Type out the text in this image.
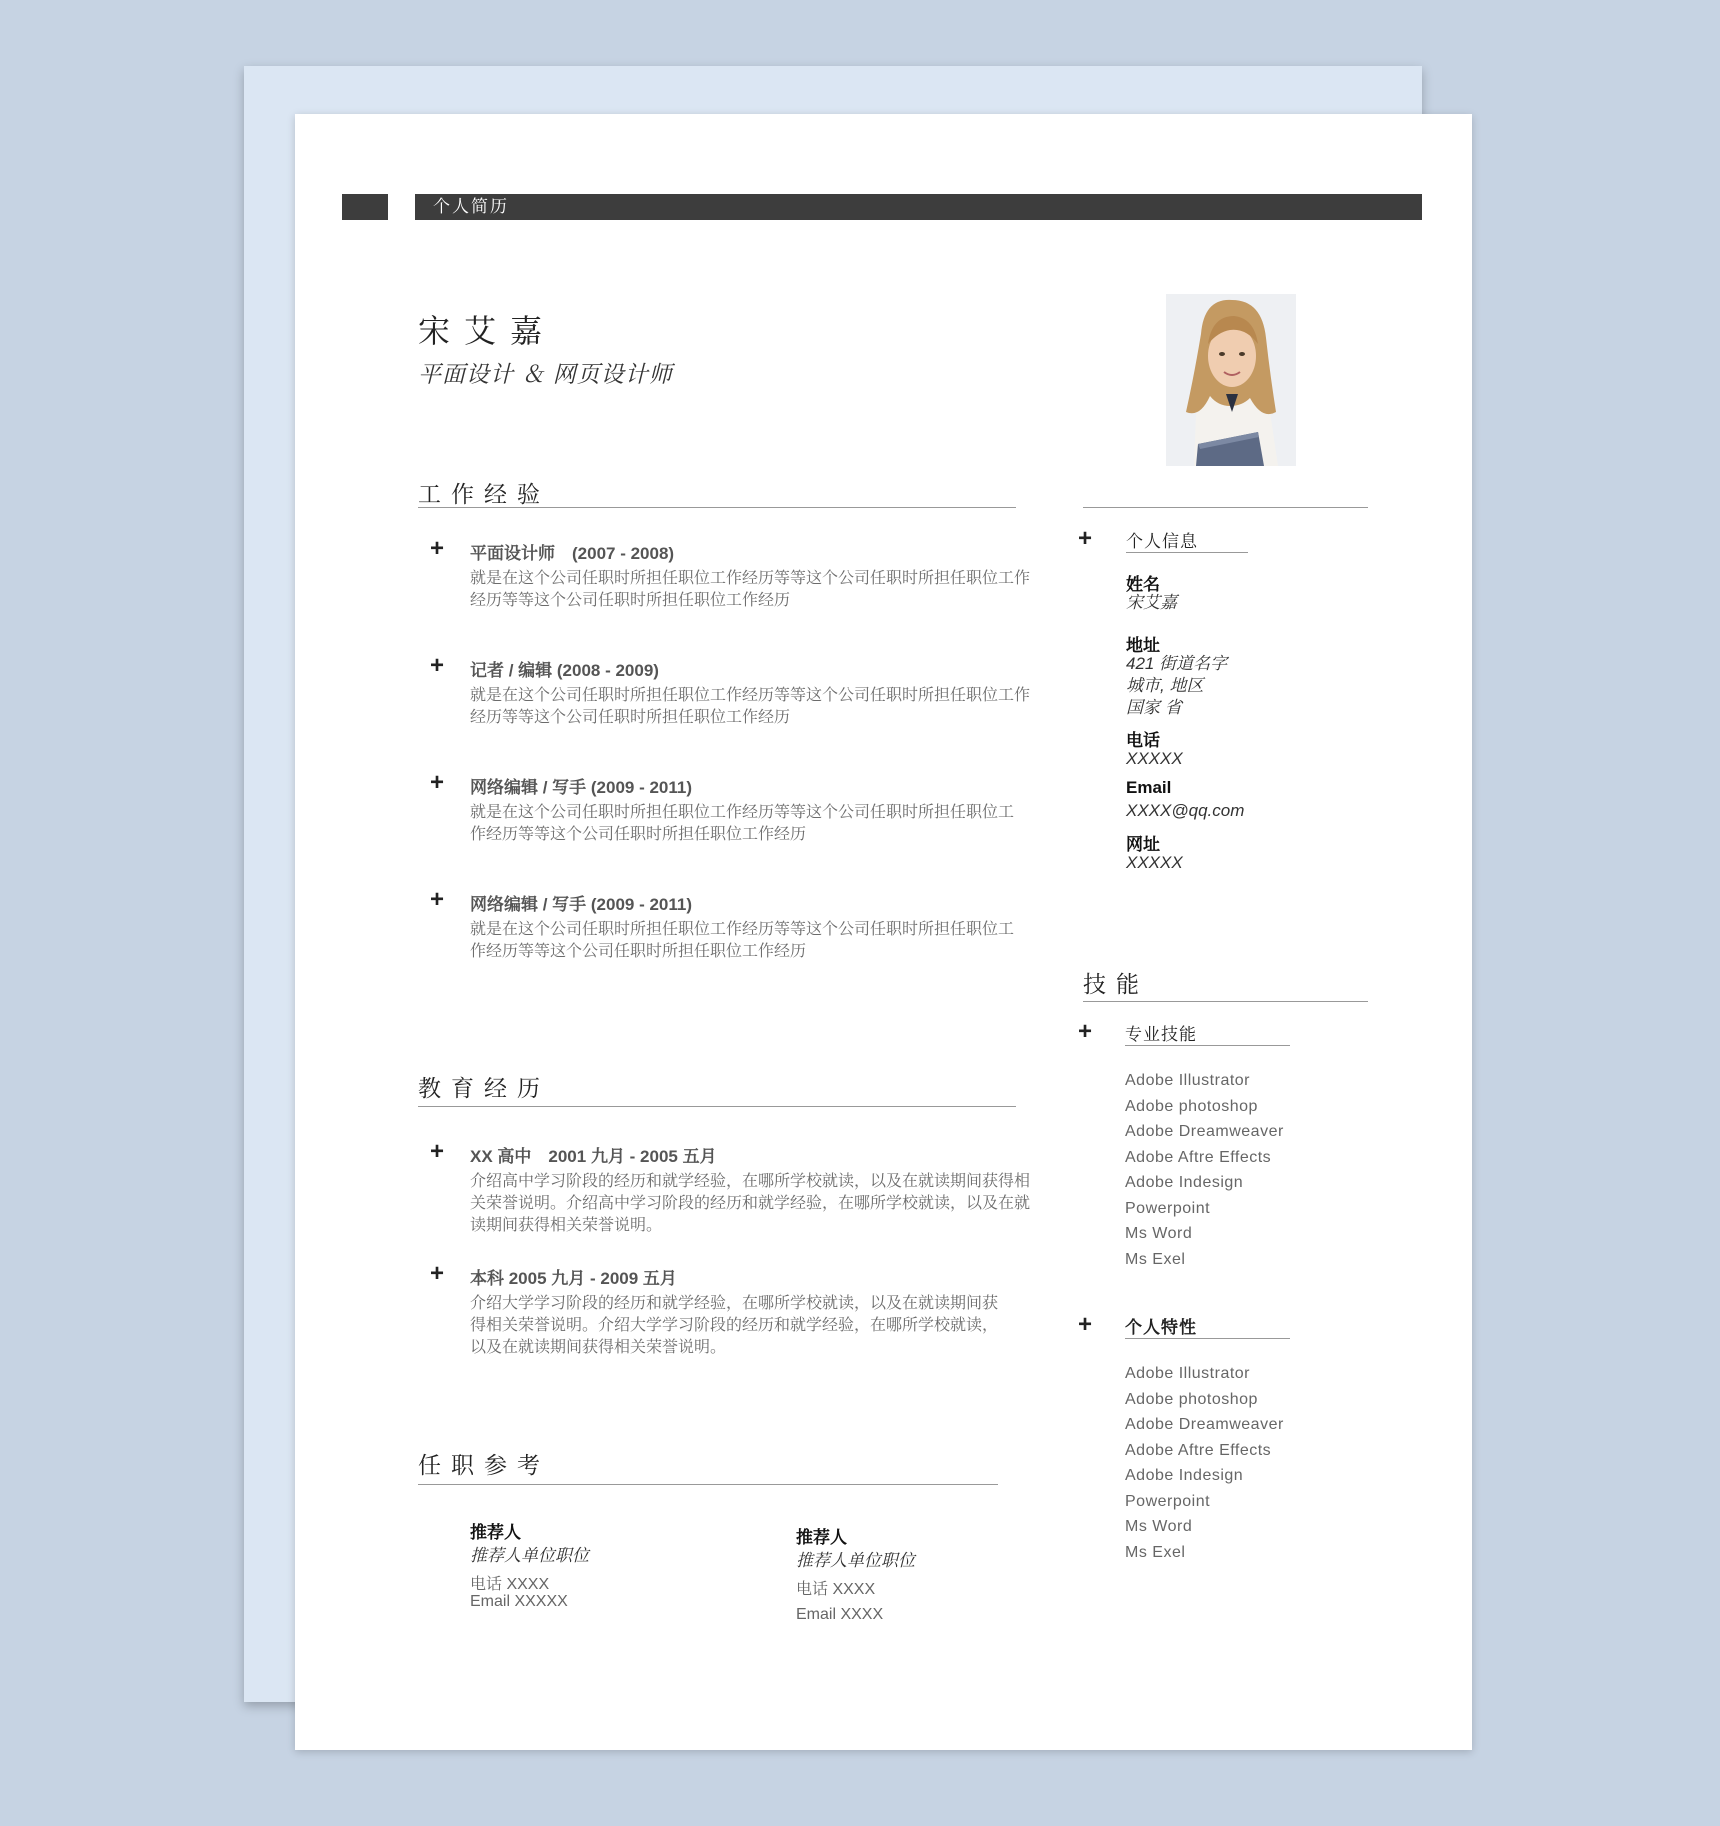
个人简历
宋艾嘉
平面设计 ＆ 网页设计师
工作经验
+ 平面设计师　(2007 - 2008)
就是在这个公司任职时所担任职位工作经历等等这个公司任职时所担任职位工作经历等等这个公司任职时所担任职位工作经历
+ 记者 / 编辑 (2008 - 2009)
就是在这个公司任职时所担任职位工作经历等等这个公司任职时所担任职位工作经历等等这个公司任职时所担任职位工作经历
+ 网络编辑 / 写手 (2009 - 2011)
就是在这个公司任职时所担任职位工作经历等等这个公司任职时所担任职位工作经历等等这个公司任职时所担任职位工作经历
+ 网络编辑 / 写手 (2009 - 2011)
就是在这个公司任职时所担任职位工作经历等等这个公司任职时所担任职位工作经历等等这个公司任职时所担任职位工作经历
教育经历
+ XX 高中　2001 九月 - 2005 五月
介绍高中学习阶段的经历和就学经验，在哪所学校就读，以及在就读期间获得相关荣誉说明。介绍高中学习阶段的经历和就学经验，在哪所学校就读，以及在就读期间获得相关荣誉说明。
+ 本科 2005 九月 - 2009 五月
介绍大学学习阶段的经历和就学经验，在哪所学校就读，以及在就读期间获得相关荣誉说明。介绍大学学习阶段的经历和就学经验，在哪所学校就读，以及在就读期间获得相关荣誉说明。
任职参考
推荐人
推荐人单位职位
电话 XXXX
Email XXXXX
推荐人
推荐人单位职位
电话 XXXX
Email XXXX
+ 个人信息
姓名
宋艾嘉
地址
421 街道名字
城市, 地区
国家 省
电话
XXXXX
Email
XXXX@qq.com
网址
XXXXX
技能
+ 专业技能
Adobe Illustrator
Adobe photoshop
Adobe Dreamweaver
Adobe Aftre Effects
Adobe Indesign
Powerpoint
Ms Word
Ms Exel
+ 个人特性
Adobe Illustrator
Adobe photoshop
Adobe Dreamweaver
Adobe Aftre Effects
Adobe Indesign
Powerpoint
Ms Word
Ms Exel
